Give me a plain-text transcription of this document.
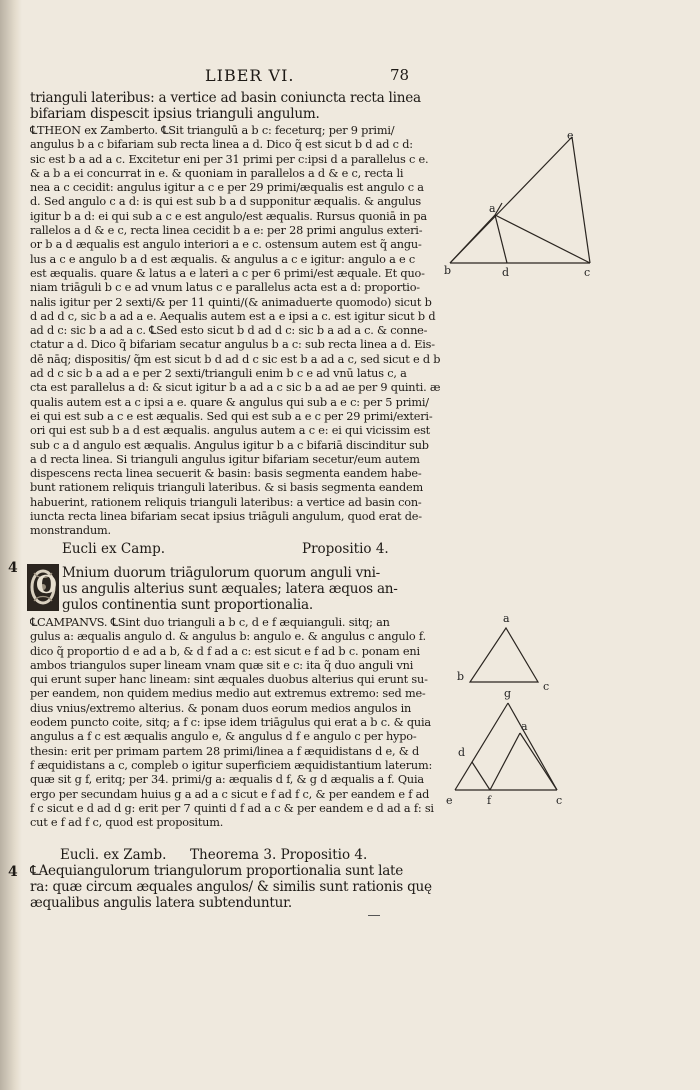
LIBER VI.	78
trianguli lateribus: a vertice ad basin coniuncta recta linea
bifariam dispescit ipsius trianguli angulum.
℄THEON ex Zamberto. ℄Sit triangulū a b c: feceturq; per 9 primi/
angulus b a c bifariam sub recta linea a d. Dico q̃ est sicut b d ad c d:
sic est b a ad a c. Excitetur eni per 31 primi per c:ipsi d a parallelus c e.
& a b a ei concurrat in e. & quoniam in parallelos a d & e c, recta li
nea a c cecidit: angulus igitur a c e per 29 primi/æqualis est angulo c a
d. Sed angulo c a d: is qui est sub b a d supponitur æqualis. & angulus
igitur b a d: ei qui sub a c e est angulo/est æqualis. Rursus quoniā in pa
rallelos a d & e c, recta linea cecidit b a e: per 28 primi angulus exteri-
or b a d æqualis est angulo interiori a e c. ostensum autem est q̃ angu-
lus a c e angulo b a d est æqualis. & angulus a c e igitur: angulo a e c
est æqualis. quare & latus a e lateri a c per 6 primi/est æquale. Et quo-
niam triāguli b c e ad vnum latus c e parallelus acta est a d: proportio-
nalis igitur per 2 sexti/& per 11 quinti/(& animaduerte quomodo) sicut b
d ad d c, sic b a ad a e. Aequalis autem est a e ipsi a c. est igitur sicut b d
ad d c: sic b a ad a c. ℄Sed esto sicut b d ad d c: sic b a ad a c. & conne-
ctatur a d. Dico q̃ bifariam secatur angulus b a c: sub recta linea a d. Eis-
dē nāq; dispositis/ q̃m est sicut b d ad d c sic est b a ad a c, sed sicut e d b
ad d c sic b a ad a e per 2 sexti/trianguli enim b c e ad vnū latus c, a
cta est parallelus a d: & sicut igitur b a ad a c sic b a ad ae per 9 quinti. æ
qualis autem est a c ipsi a e. quare & angulus qui sub a e c: per 5 primi/
ei qui est sub a c e est æqualis. Sed qui est sub a e c per 29 primi/exteri-
ori qui est sub b a d est æqualis. angulus autem a c e: ei qui vicissim est
sub c a d angulo est æqualis. Angulus igitur b a c bifariā discinditur sub
a d recta linea. Si trianguli angulus igitur bifariam secetur/eum autem
dispescens recta linea secuerit & basin: basis segmenta eandem habe-
bunt rationem reliquis trianguli lateribus. & si basis segmenta eandem
habuerint, rationem reliquis trianguli lateribus: a vertice ad basin con-
iuncta recta linea bifariam secat ipsius triāguli angulum, quod erat de-
monstrandum.
Eucli ex Camp.	Propositio 4.
4
O Mnium duorum triāgulorum quorum anguli vni-
us angulis alterius sunt æquales; latera æquos an-
gulos continentia sunt proportionalia.
℄CAMPANVS. ℄Sint duo trianguli a b c, d e f æquianguli. sitq; an
gulus a: æqualis angulo d. & angulus b: angulo e. & angulus c angulo f.
dico q̃ proportio d e ad a b, & d f ad a c: est sicut e f ad b c. ponam eni
ambos triangulos super lineam vnam quæ sit e c: ita q̃ duo anguli vni
qui erunt super hanc lineam: sint æquales duobus alterius qui erunt su-
per eandem, non quidem medius medio aut extremus extremo: sed me-
dius vnius/extremo alterius. & ponam duos eorum medios angulos in
eodem puncto coite, sitq; a f c: ipse idem triāgulus qui erat a b c. & quia
angulus a f c est æqualis angulo e, & angulus d f e angulo c per hypo-
thesin: erit per primam partem 28 primi/linea a f æquidistans d e, & d
f æquidistans a c, compleb o igitur superficiem æquidistantium laterum:
quæ sit g f, eritq; per 34. primi/g a: æqualis d f, & g d æqualis a f. Quia
ergo per secundam huius g a ad a c sicut e f ad f c, & per eandem e f ad
f c sicut e d ad d g: erit per 7 quinti d f ad a c & per eandem e d ad a f: si
cut e f ad f c, quod est propositum.
Eucli. ex Zamb. Theorema 3. Propositio 4.
4 ℄Aequiangulorum triangulorum proportionalia sunt late
ra: quæ circum æquales angulos/ & similis sunt rationis quę
æqualibus angulis latera subtenduntur.
e
a
b	d	c
a
b
c
g
a
d
e	f	c
